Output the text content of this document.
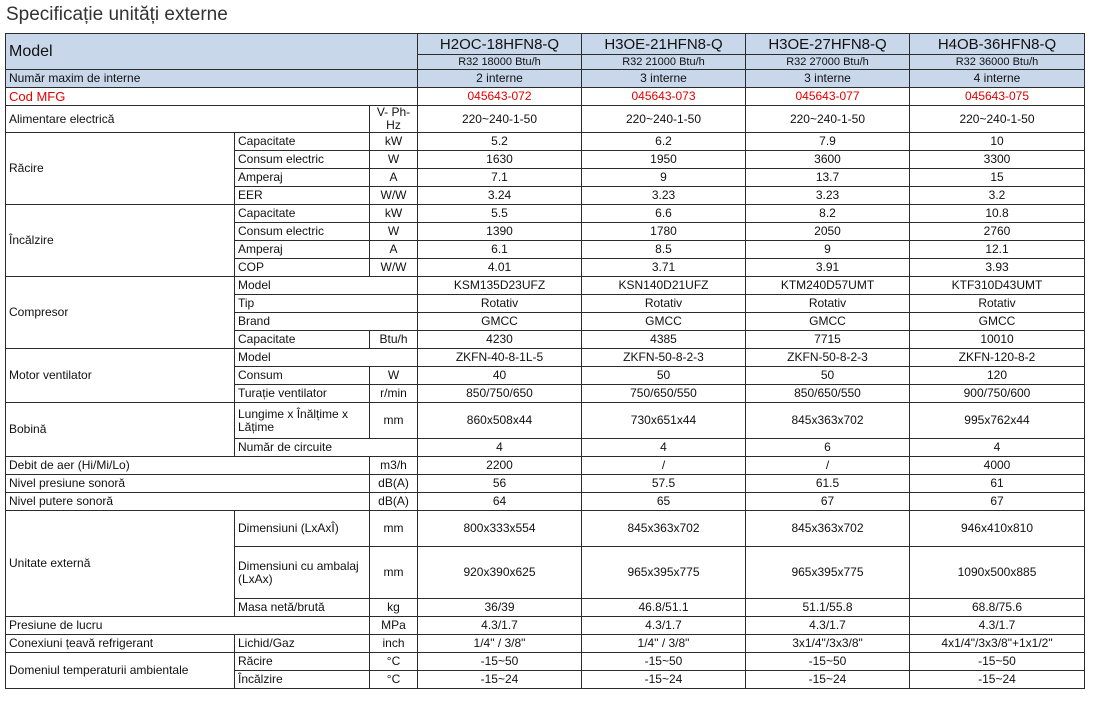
Specificație unități externe
Model			H2OC-18HFN8-Q	H3OE-21HFN8-Q	H3OE-27HFN8-Q	H4OB-36HFN8-Q
			R32 18000 Btu/h	R32 21000 Btu/h	R32 27000 Btu/h	R32 36000 Btu/h
Număr maxim de interne			2 interne	3 interne	3 interne	4 interne
Cod MFG			045643-072	045643-073	045643-077	045643-075
Alimentare electrică		V- Ph-Hz	220~240-1-50	220~240-1-50	220~240-1-50	220~240-1-50
Răcire	Capacitate	kW	5.2	6.2	7.9	10
	Consum electric	W	1630	1950	3600	3300
	Amperaj	A	7.1	9	13.7	15
	EER	W/W	3.24	3.23	3.23	3.2
Încălzire	Capacitate	kW	5.5	6.6	8.2	10.8
	Consum electric	W	1390	1780	2050	2760
	Amperaj	A	6.1	8.5	9	12.1
	COP	W/W	4.01	3.71	3.91	3.93
Compresor	Model		KSM135D23UFZ	KSN140D21UFZ	KTM240D57UMT	KTF310D43UMT
	Tip		Rotativ	Rotativ	Rotativ	Rotativ
	Brand		GMCC	GMCC	GMCC	GMCC
	Capacitate	Btu/h	4230	4385	7715	10010
Motor ventilator	Model		ZKFN-40-8-1L-5	ZKFN-50-8-2-3	ZKFN-50-8-2-3	ZKFN-120-8-2
	Consum	W	40	50	50	120
	Turație ventilator	r/min	850/750/650	750/650/550	850/650/550	900/750/600
Bobină	Lungime x Înălțime x Lățime	mm	860x508x44	730x651x44	845x363x702	995x762x44
	Număr de circuite		4	4	6	4
Debit de aer (Hi/Mi/Lo)		m3/h	2200	/	/	4000
Nivel presiune sonoră		dB(A)	56	57.5	61.5	61
Nivel putere sonoră		dB(A)	64	65	67	67
Unitate externă	Dimensiuni (LxAxÎ)	mm	800x333x554	845x363x702	845x363x702	946x410x810
	Dimensiuni cu ambalaj (LxAx)	mm	920x390x625	965x395x775	965x395x775	1090x500x885
	Masa netă/brută	kg	36/39	46.8/51.1	51.1/55.8	68.8/75.6
Presiune de lucru		MPa	4.3/1.7	4.3/1.7	4.3/1.7	4.3/1.7
Conexiuni țeavă refrigerant	Lichid/Gaz	inch	1/4" / 3/8"	1/4" / 3/8"	3x1/4"/3x3/8"	4x1/4"/3x3/8"+1x1/2"
Domeniul temperaturii ambientale	Răcire	°C	-15~50	-15~50	-15~50	-15~50
	Încălzire	°C	-15~24	-15~24	-15~24	-15~24
